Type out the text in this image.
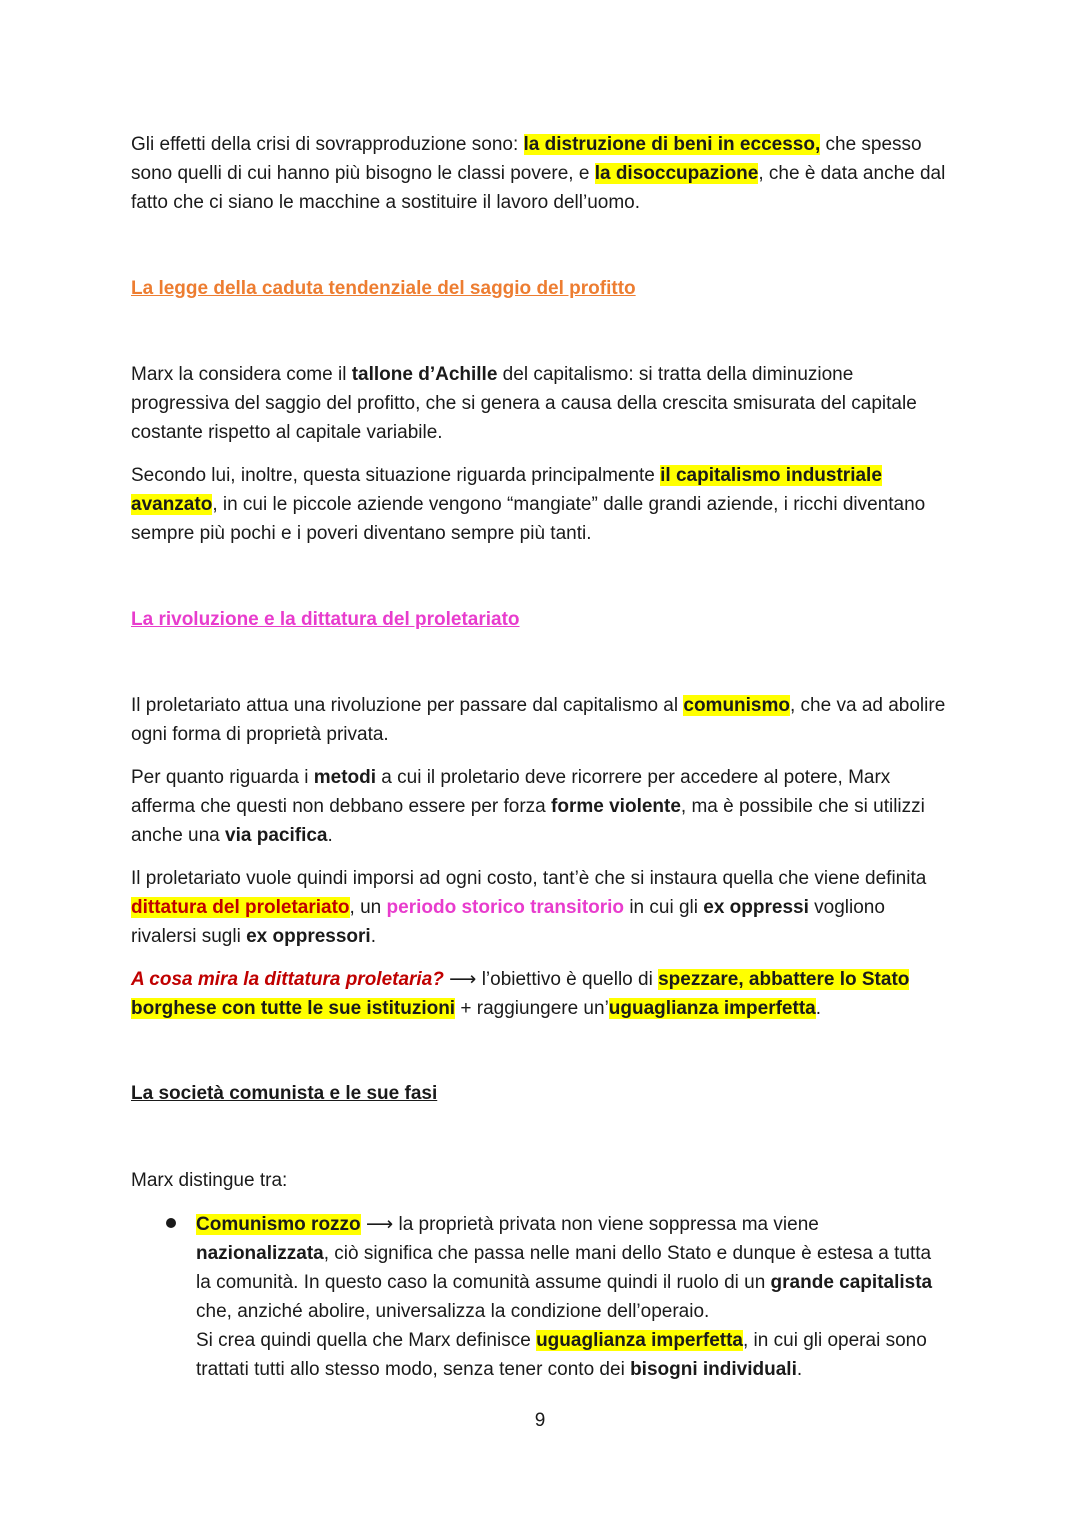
Gli effetti della crisi di sovrapproduzione sono: la distruzione di beni in eccesso, che spesso sono quelli di cui hanno più bisogno le classi povere, e la disoccupazione, che è data anche dal fatto che ci siano le macchine a sostituire il lavoro dell’uomo.

La legge della caduta tendenziale del saggio del profitto

Marx la considera come il tallone d’Achille del capitalismo: si tratta della diminuzione progressiva del saggio del profitto, che si genera a causa della crescita smisurata del capitale costante rispetto al capitale variabile.

Secondo lui, inoltre, questa situazione riguarda principalmente il capitalismo industriale avanzato, in cui le piccole aziende vengono “mangiate” dalle grandi aziende, i ricchi diventano sempre più pochi e i poveri diventano sempre più tanti.

La rivoluzione e la dittatura del proletariato

Il proletariato attua una rivoluzione per passare dal capitalismo al comunismo, che va ad abolire ogni forma di proprietà privata.

Per quanto riguarda i metodi a cui il proletario deve ricorrere per accedere al potere, Marx afferma che questi non debbano essere per forza forme violente, ma è possibile che si utilizzi anche una via pacifica.

Il proletariato vuole quindi imporsi ad ogni costo, tant’è che si instaura quella che viene definita dittatura del proletariato, un periodo storico transitorio in cui gli ex oppressi vogliono rivalersi sugli ex oppressori.

A cosa mira la dittatura proletaria? ⟶ l’obiettivo è quello di spezzare, abbattere lo Stato borghese con tutte le sue istituzioni + raggiungere un’uguaglianza imperfetta.

La società comunista e le sue fasi

Marx distingue tra:

Comunismo rozzo ⟶ la proprietà privata non viene soppressa ma viene nazionalizzata, ciò significa che passa nelle mani dello Stato e dunque è estesa a tutta la comunità. In questo caso la comunità assume quindi il ruolo di un grande capitalista che, anziché abolire, universalizza la condizione dell’operaio.
Si crea quindi quella che Marx definisce uguaglianza imperfetta, in cui gli operai sono trattati tutti allo stesso modo, senza tener conto dei bisogni individuali.

9
